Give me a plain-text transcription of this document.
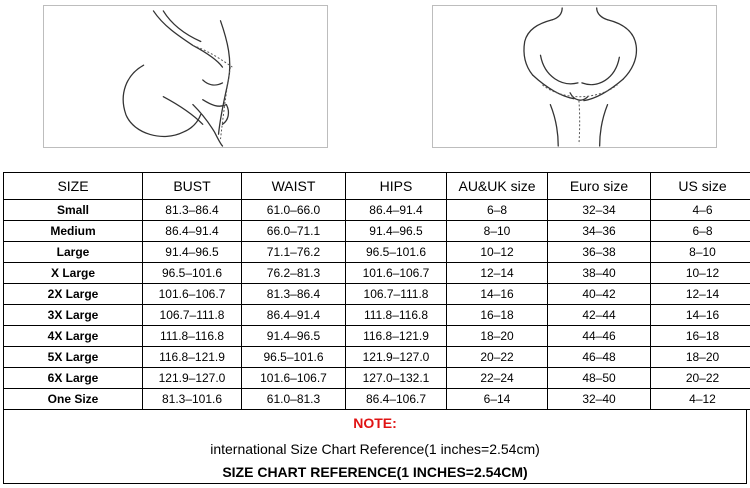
SIZE	BUST	WAIST	HIPS	AU&UK size	Euro size	US size
Small	81.3–86.4	61.0–66.0	86.4–91.4	6–8	32–34	4–6
Medium	86.4–91.4	66.0–71.1	91.4–96.5	8–10	34–36	6–8
Large	91.4–96.5	71.1–76.2	96.5–101.6	10–12	36–38	8–10
X Large	96.5–101.6	76.2–81.3	101.6–106.7	12–14	38–40	10–12
2X Large	101.6–106.7	81.3–86.4	106.7–111.8	14–16	40–42	12–14
3X Large	106.7–111.8	86.4–91.4	111.8–116.8	16–18	42–44	14–16
4X Large	111.8–116.8	91.4–96.5	116.8–121.9	18–20	44–46	16–18
5X Large	116.8–121.9	96.5–101.6	121.9–127.0	20–22	46–48	18–20
6X Large	121.9–127.0	101.6–106.7	127.0–132.1	22–24	48–50	20–22
One Size	81.3–101.6	61.0–81.3	86.4–106.7	6–14	32–40	4–12
NOTE:
international Size Chart Reference(1 inches=2.54cm)
SIZE CHART REFERENCE(1 INCHES=2.54CM)
